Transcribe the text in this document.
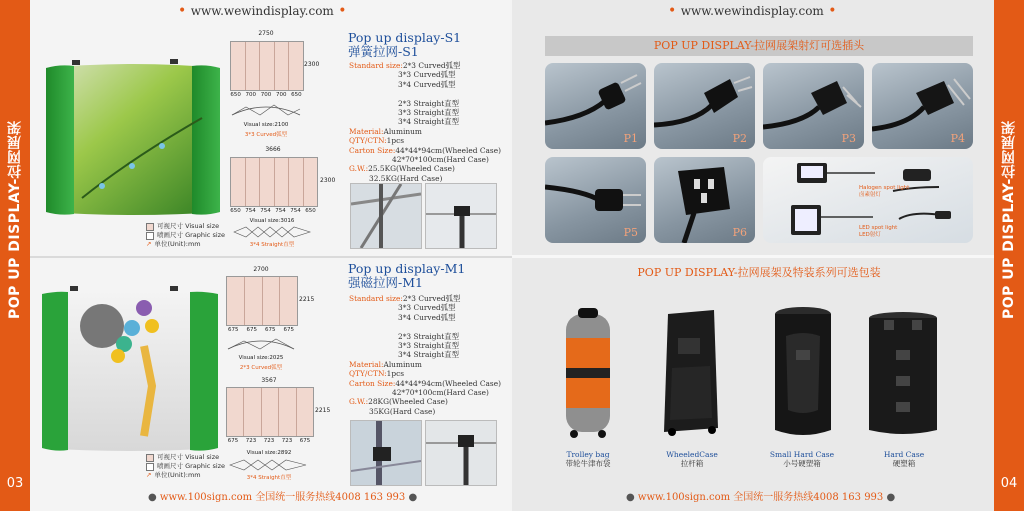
POP UP DISPLAY-拉网展架
03
• www.wewindisplay.com •
可视尺寸 Visual size
喷画尺寸 Graphic size
↗ 单位(Unit):mm
2750
2300
650 700 700 700 650
Visual size:2100
3*3 Curved弧型
3666
2300
650 754 754 754 754 650
Visual size:3016
3*4 Straight直型
Pop up display-S1
弹簧拉网-S1
Standard size:2*3 Curved弧型
3*3 Curved弧型
3*4 Curved弧型
2*3 Straight直型
3*3 Straight直型
3*4 Straight直型
Material:Aluminum
QTY/CTN:1pcs
Carton Size:44*44*94cm(Wheeled Case)
42*70*100cm(Hard Case)
G.W.:25.5KG(Wheeled Case)
32.5KG(Hard Case)
可视尺寸 Visual size
喷画尺寸 Graphic size
↗ 单位(Unit):mm
2700
2215
675	675	675	675
Visual size:2025
2*3 Curved弧型
3567
2215
675	723	723	723	675
Visual size:2892
3*4 Straight直型
Pop up display-M1
强磁拉网-M1
Standard size:2*3 Curved弧型
3*3 Curved弧型
3*4 Curved弧型
2*3 Straight直型
3*3 Straight直型
3*4 Straight直型
Material:Aluminum
QTY/CTN:1pcs
Carton Size:44*44*94cm(Wheeled Case)
42*70*100cm(Hard Case)
G.W.:28KG(Wheeled Case)
35KG(Hard Case)
● www.100sign.com 全国统一服务热线4008 163 993 ●
POP UP DISPLAY-拉网展架
04
• www.wewindisplay.com •
POP UP DISPLAY-拉网展架射灯可选插头
P1	P2	P3	P4
P5	P6
Halogen spot light
卤素射灯
LED spot light
LED射灯
POP UP DISPLAY-拉网展架及特装系列可选包装
Trolley bag
带轮牛津布袋
WheeledCase
拉杆箱
Small Hard Case
小号硬塑箱
Hard Case
硬塑箱
● www.100sign.com 全国统一服务热线4008 163 993 ●
